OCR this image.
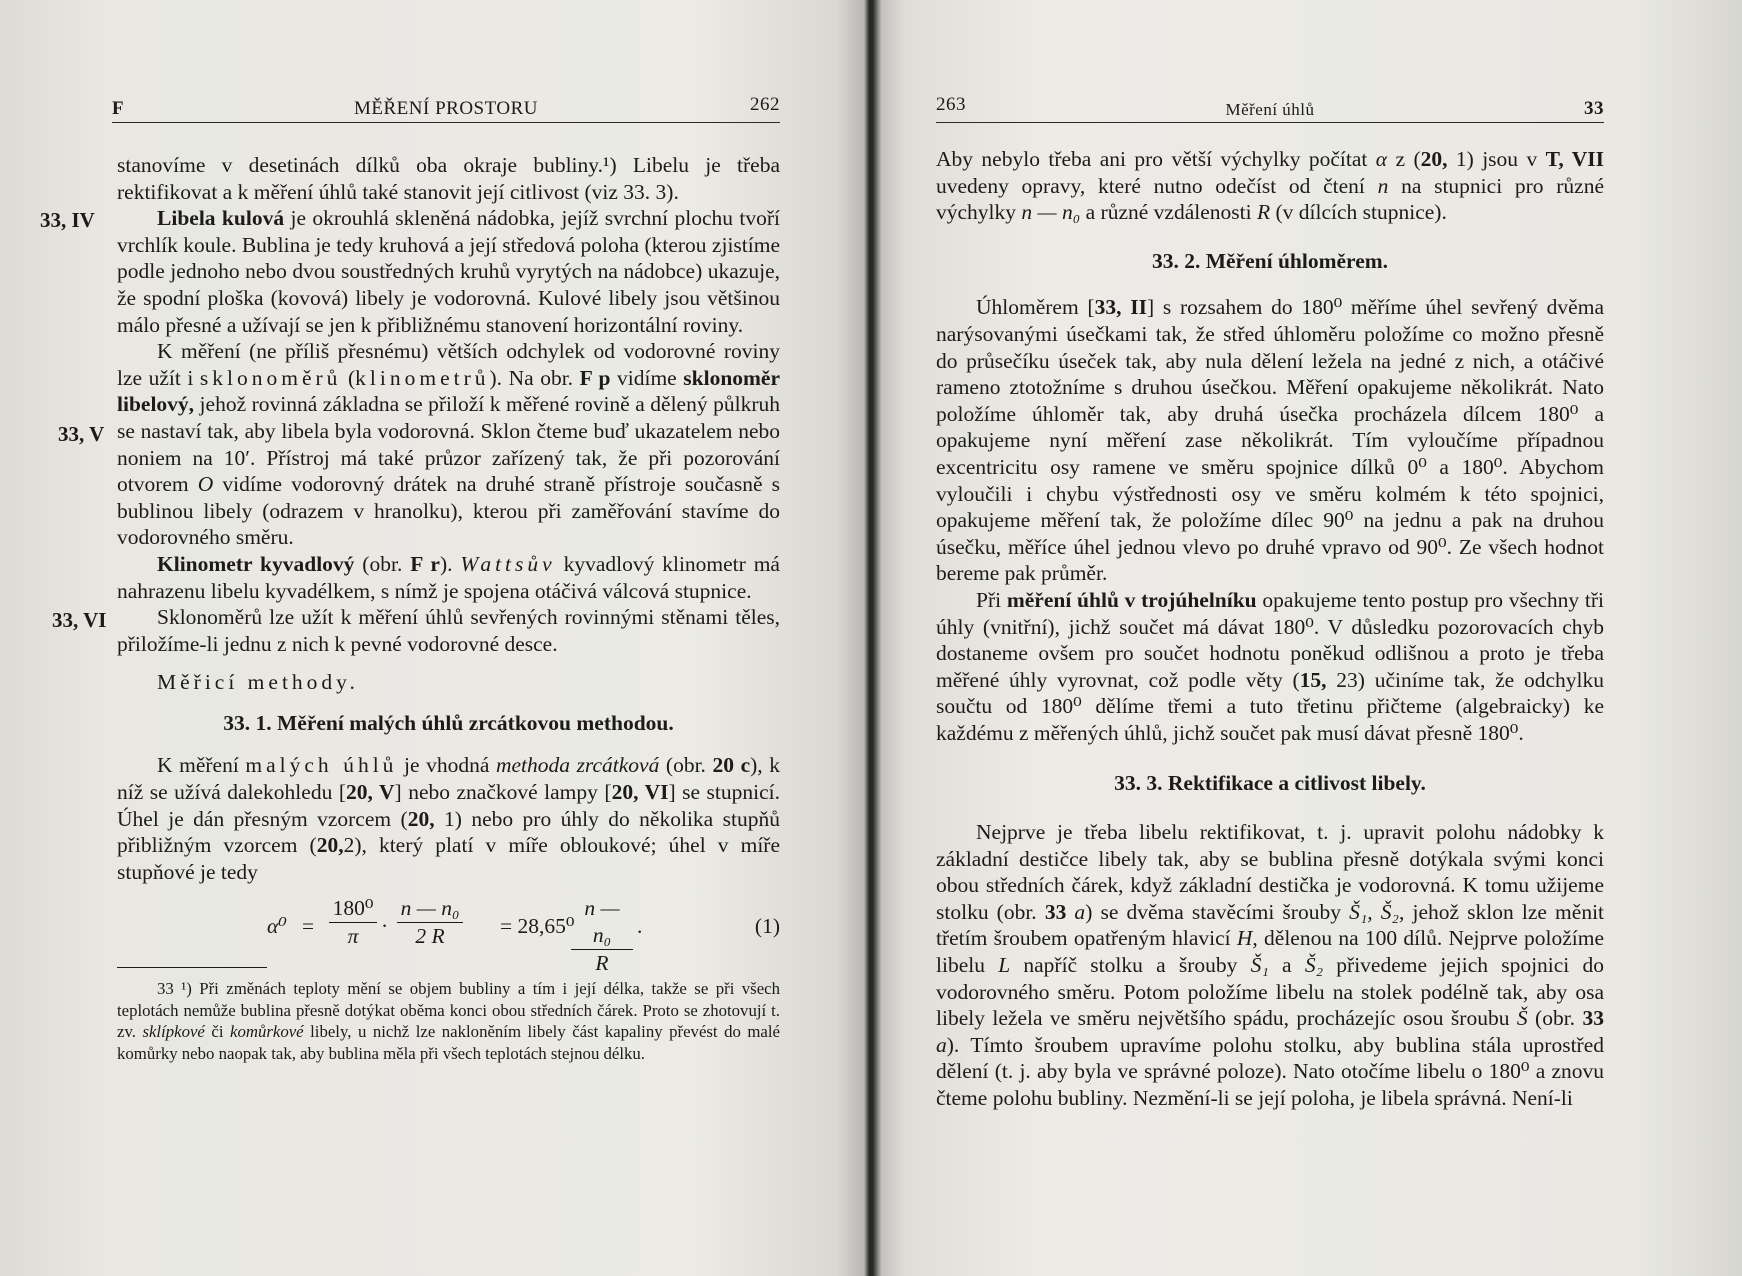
F	MĚŘENÍ PROSTORU	262
33, IV
33, V
33, VI

stanovíme v desetinách dílků oba okraje bubliny.¹) Libelu je třeba rektifikovat a k měření úhlů také stanovit její citlivost (viz 33. 3).

Libela kulová je okrouhlá skleněná nádobka, jejíž svrchní plochu tvoří vrchlík koule. Bublina je tedy kruhová a její středová poloha (kterou zjistíme podle jednoho nebo dvou soustředných kruhů vyrytých na nádobce) ukazuje, že spodní ploška (kovová) libely je vodorovná. Kulové libely jsou většinou málo přesné a užívají se jen k přibližnému stanovení horizontální roviny.

K měření (ne příliš přesnému) větších odchylek od vodorovné roviny lze užít i sklonoměrů (klinometrů). Na obr. F p vidíme sklonoměr libelový, jehož rovinná základna se přiloží k měřené rovině a dělený půlkruh se nastaví tak, aby libela byla vodorovná. Sklon čteme buď ukazatelem nebo noniem na 10′. Přístroj má také průzor zařízený tak, že při pozorování otvorem O vidíme vodorovný drátek na druhé straně přístroje současně s bublinou libely (odrazem v hranolku), kterou při zaměřování stavíme do vodorovného směru.

Klinometr kyvadlový (obr. F r). Wattsův kyvadlový klinometr má nahrazenu libelu kyvadélkem, s nímž je spojena otáčivá válcová stupnice.

Sklonoměrů lze užít k měření úhlů sevřených rovinnými stěnami těles, přiložíme-li jednu z nich k pevné vodorovné desce.

Měřicí methody.

33. 1. Měření malých úhlů zrcátkovou methodou.

K měření malých úhlů je vhodná methoda zrcátková (obr. 20 c), k níž se užívá dalekohledu [20, V] nebo značkové lampy [20, VI] se stupnicí. Úhel je dán přesným vzorcem (20, 1) nebo pro úhly do několika stupňů přibližným vzorcem (20,2), který platí v míře obloukové; úhel v míře stupňové je tedy

$\alpha^0 = \frac{\text{180⁰}}{\pi} \cdot \frac{\text{n — n₀}}{2 R} = 28,65^0$
$\frac{\text{n — n₀}}{R}$ .	(1)

33 ¹) Při změnách teploty mění se objem bubliny a tím i její délka, takže se při všech teplotách nemůže bublina přesně dotýkat oběma konci obou středních čárek. Proto se zhotovují t. zv. sklípkové či komůrkové libely, u nichž lze nakloněním libely část kapaliny převést do malé komůrky nebo naopak tak, aby bublina měla při všech teplotách stejnou délku.

263	Měření úhlů	33

Aby nebylo třeba ani pro větší výchylky počítat α z (20, 1) jsou v T, VII uvedeny opravy, které nutno odečíst od čtení n na stupnici pro různé výchylky n — n₀ a různé vzdálenosti R (v dílcích stupnice).

33. 2. Měření úhloměrem.

Úhloměrem [33, II] s rozsahem do 180⁰ měříme úhel sevřený dvěma narýsovanými úsečkami tak, že střed úhloměru položíme co možno přesně do průsečíku úseček tak, aby nula dělení ležela na jedné z nich, a otáčivé rameno ztotožníme s druhou úsečkou. Měření opakujeme několikrát. Nato položíme úhloměr tak, aby druhá úsečka procházela dílcem 180⁰ a opakujeme nyní měření zase několikrát. Tím vyloučíme případnou excentricitu osy ramene ve směru spojnice dílků 0⁰ a 180⁰. Abychom vyloučili i chybu výstřednosti osy ve směru kolmém k této spojnici, opakujeme měření tak, že položíme dílec 90⁰ na jednu a pak na druhou úsečku, měříce úhel jednou vlevo po druhé vpravo od 90⁰. Ze všech hodnot bereme pak průměr.

Při měření úhlů v trojúhelníku opakujeme tento postup pro všechny tři úhly (vnitřní), jichž součet má dávat 180⁰. V důsledku pozorovacích chyb dostaneme ovšem pro součet hodnotu poněkud odlišnou a proto je třeba měřené úhly vyrovnat, což podle věty (15, 23) učiníme tak, že odchylku součtu od 180⁰ dělíme třemi a tuto třetinu přičteme (algebraicky) ke každému z měřených úhlů, jichž součet pak musí dávat přesně 180⁰.

33. 3. Rektifikace a citlivost libely.

Nejprve je třeba libelu rektifikovat, t. j. upravit polohu nádobky k základní destičce libely tak, aby se bublina přesně dotýkala svými konci obou středních čárek, když základní destička je vodorovná. K tomu užijeme stolku (obr. 33 a) se dvěma stavěcími šrouby Š₁, Š₂, jehož sklon lze měnit třetím šroubem opatřeným hlavicí H, dělenou na 100 dílů. Nejprve položíme libelu L napříč stolku a šrouby Š₁ a Š₂ přivedeme jejich spojnici do vodorovného směru. Potom položíme libelu na stolek podélně tak, aby osa libely ležela ve směru největšího spádu, procházejíc osou šroubu Š (obr. 33 a). Tímto šroubem upravíme polohu stolku, aby bublina stála uprostřed dělení (t. j. aby byla ve správné poloze). Nato otočíme libelu o 180⁰ a znovu čteme polohu bubliny. Nezmění-li se její poloha, je libela správná. Není-li
